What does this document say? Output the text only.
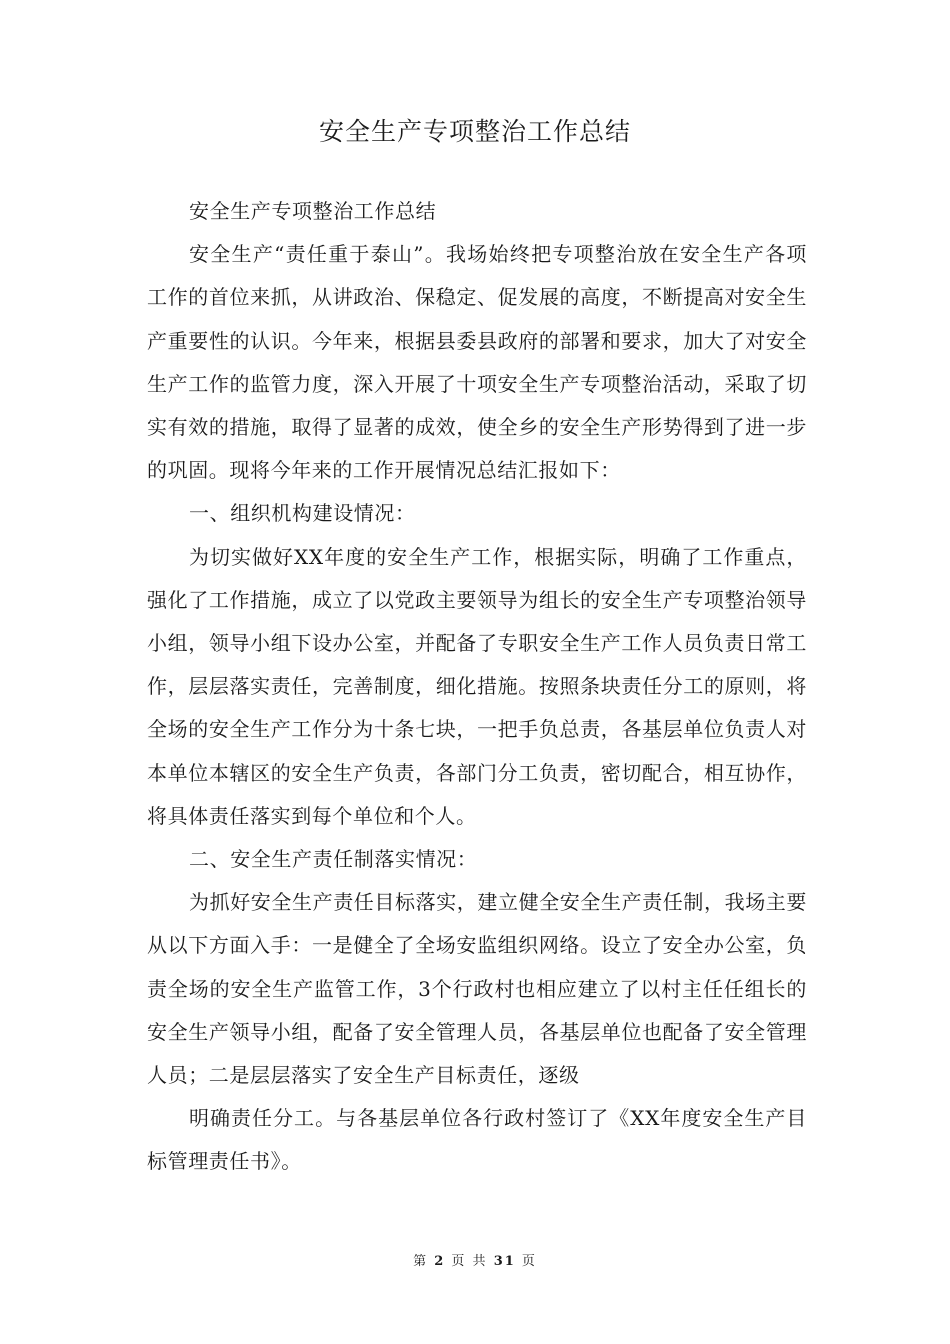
安全生产专项整治工作总结

安全生产专项整治工作总结

安全生产“责任重于泰山”。我场始终把专项整治放在安全生产各项工作的首位来抓，从讲政治、保稳定、促发展的高度，不断提高对安全生产重要性的认识。今年来，根据县委县政府的部署和要求，加大了对安全生产工作的监管力度，深入开展了十项安全生产专项整治活动，采取了切实有效的措施，取得了显著的成效，使全乡的安全生产形势得到了进一步的巩固。现将今年来的工作开展情况总结汇报如下：

一、组织机构建设情况：

为切实做好XX年度的安全生产工作，根据实际，明确了工作重点，强化了工作措施，成立了以党政主要领导为组长的安全生产专项整治领导小组，领导小组下设办公室，并配备了专职安全生产工作人员负责日常工作，层层落实责任，完善制度，细化措施。按照条块责任分工的原则，将全场的安全生产工作分为十条七块，一把手负总责，各基层单位负责人对本单位本辖区的安全生产负责，各部门分工负责，密切配合，相互协作，将具体责任落实到每个单位和个人。

二、安全生产责任制落实情况：

为抓好安全生产责任目标落实，建立健全安全生产责任制，我场主要从以下方面入手：一是健全了全场安监组织网络。设立了安全办公室，负责全场的安全生产监管工作，3个行政村也相应建立了以村主任任组长的安全生产领导小组，配备了安全管理人员，各基层单位也配备了安全管理人员；二是层层落实了安全生产目标责任，逐级

明确责任分工。与各基层单位各行政村签订了《XX年度安全生产目标管理责任书》。

第 2 页 共 31 页
